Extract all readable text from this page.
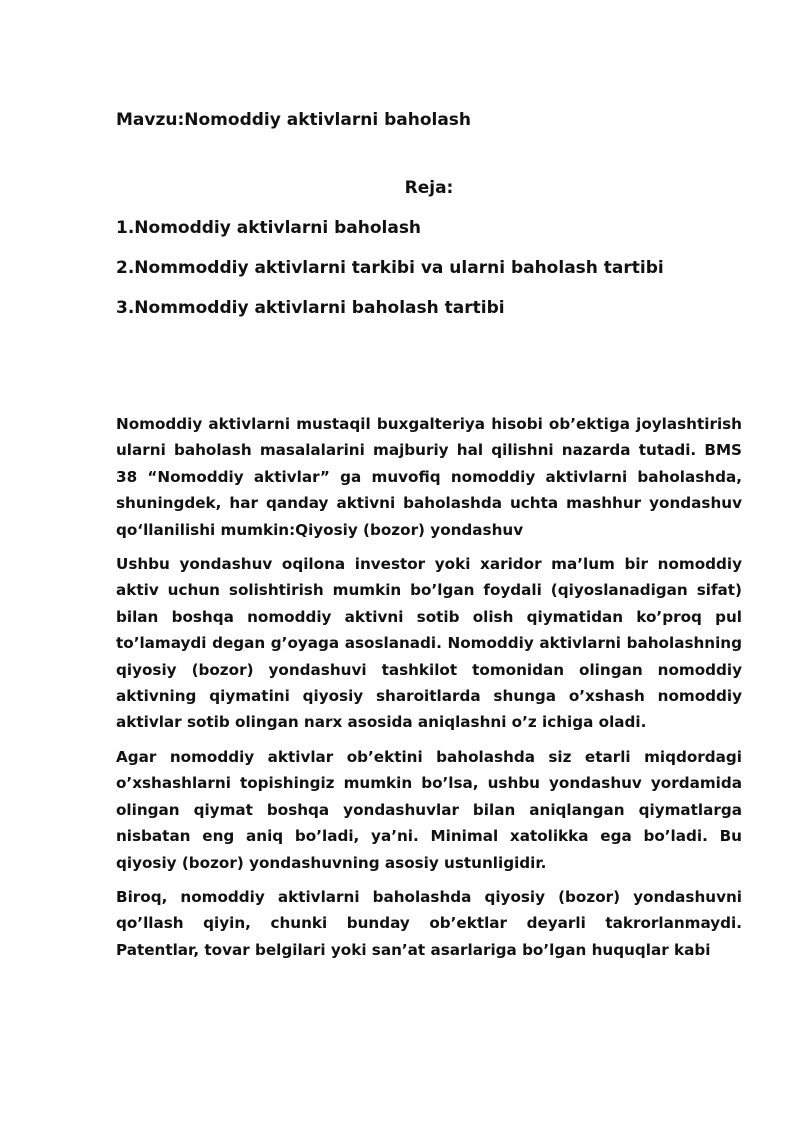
Mavzu:Nomoddiy aktivlarni baholash
Reja:
1.Nomoddiy aktivlarni baholash
2.Nommoddiy aktivlarni tarkibi va ularni baholash tartibi
3.Nommoddiy aktivlarni baholash tartibi

Nomoddiy aktivlarni mustaqil buxgalteriya hisobi ob’ektiga joylashtirish ularni baholash masalalarini majburiy hal qilishni nazarda tutadi. BMS 38 “Nomoddiy aktivlar” ga muvofiq nomoddiy aktivlarni baholashda, shuningdek, har qanday aktivni baholashda uchta mashhur yondashuv qo‘llanilishi mumkin:Qiyosiy (bozor) yondashuv

Ushbu yondashuv oqilona investor yoki xaridor ma’lum bir nomoddiy aktiv uchun solishtirish mumkin bo’lgan foydali (qiyoslanadigan sifat) bilan boshqa nomoddiy aktivni sotib olish qiymatidan ko’proq pul to’lamaydi degan g’oyaga asoslanadi. Nomoddiy aktivlarni baholashning qiyosiy (bozor) yondashuvi tashkilot tomonidan olingan nomoddiy aktivning qiymatini qiyosiy sharoitlarda shunga o’xshash nomoddiy aktivlar sotib olingan narx asosida aniqlashni o’z ichiga oladi.

Agar nomoddiy aktivlar ob’ektini baholashda siz etarli miqdordagi o’xshashlarni topishingiz mumkin bo’lsa, ushbu yondashuv yordamida olingan qiymat boshqa yondashuvlar bilan aniqlangan qiymatlarga nisbatan eng aniq bo’ladi, ya’ni. Minimal xatolikka ega bo’ladi. Bu qiyosiy (bozor) yondashuvning asosiy ustunligidir.

Biroq, nomoddiy aktivlarni baholashda qiyosiy (bozor) yondashuvni qo’llash qiyin, chunki bunday ob’ektlar deyarli takrorlanmaydi. Patentlar, tovar belgilari yoki san’at asarlariga bo’lgan huquqlar kabi
